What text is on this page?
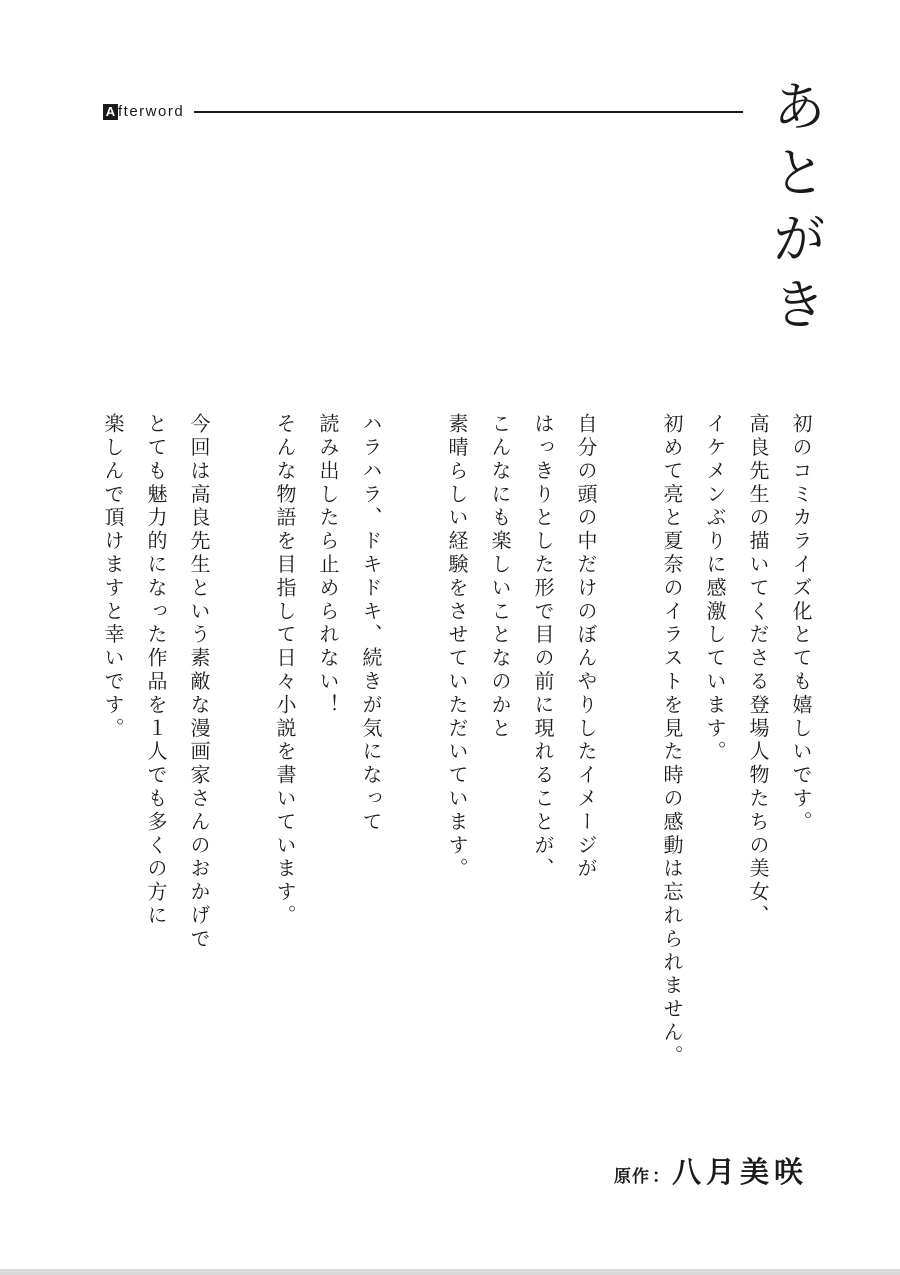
A fterword	あとがき

初のコミカライズ化とても嬉しいです。
高良先生の描いてくださる登場人物たちの美女、
イケメンぶりに感激しています。
初めて亮と夏奈のイラストを見た時の感動は忘れられません。

自分の頭の中だけのぼんやりしたイメージが
はっきりとした形で目の前に現れることが、
こんなにも楽しいことなのかと
素晴らしい経験をさせていただいています。

ハラハラ、ドキドキ、続きが気になって
読み出したら止められない！
そんな物語を目指して日々小説を書いています。

今回は高良先生という素敵な漫画家さんのおかげで
とても魅力的になった作品を１人でも多くの方に
楽しんで頂けますと幸いです。

原作 ： 八月美咲
